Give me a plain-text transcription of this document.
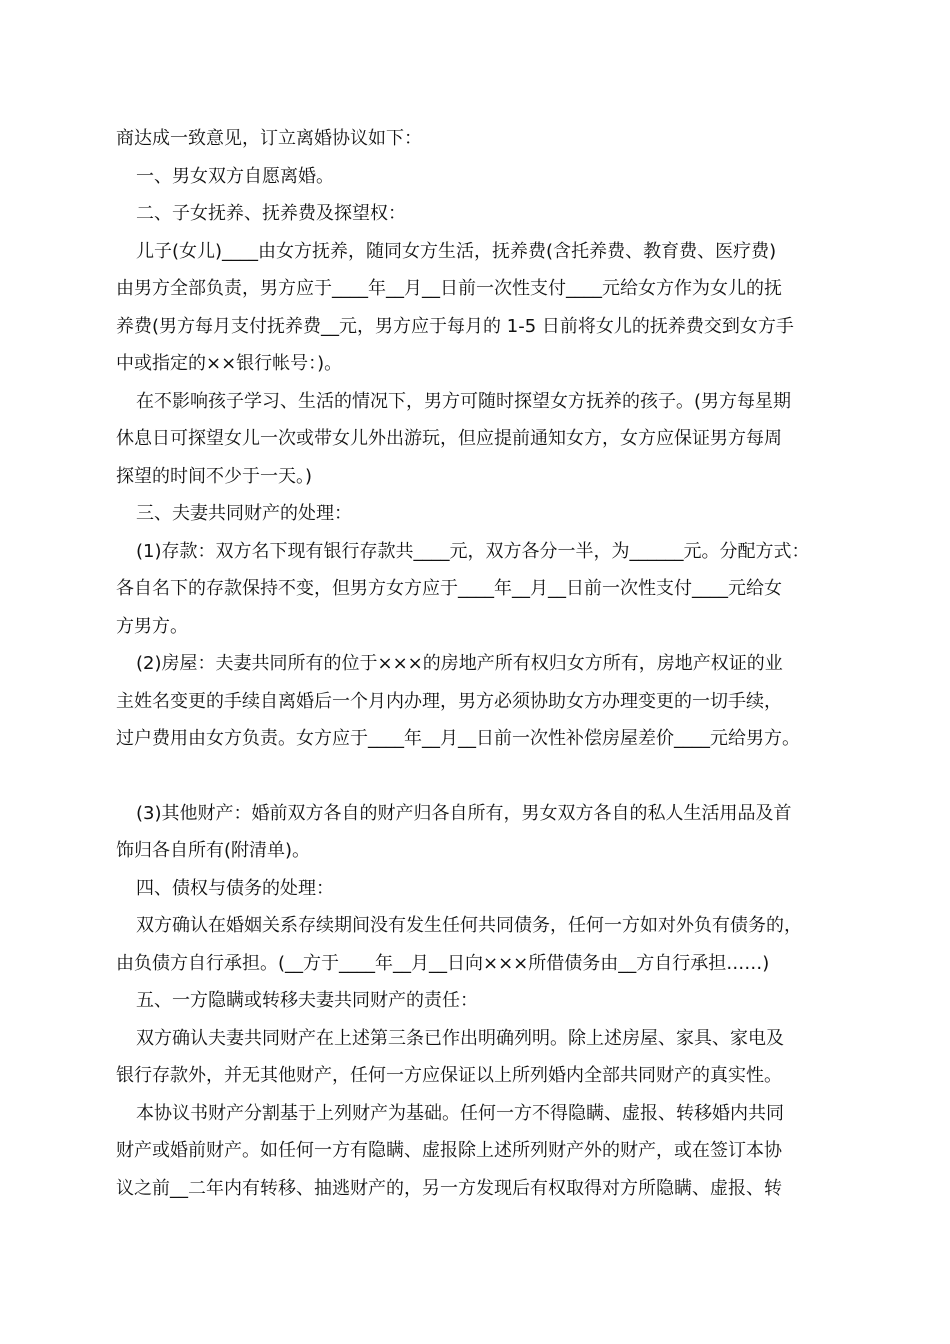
商达成一致意见，订立离婚协议如下：

一、男女双方自愿离婚。

二、子女抚养、抚养费及探望权：

儿子(女儿)____由女方抚养，随同女方生活，抚养费(含托养费、教育费、医疗费)

由男方全部负责，男方应于____年__月__日前一次性支付____元给女方作为女儿的抚

养费(男方每月支付抚养费__元，男方应于每月的 1-5 日前将女儿的抚养费交到女方手

中或指定的××银行帐号：)。

在不影响孩子学习、生活的情况下，男方可随时探望女方抚养的孩子。(男方每星期

休息日可探望女儿一次或带女儿外出游玩，但应提前通知女方，女方应保证男方每周

探望的时间不少于一天。)

三、夫妻共同财产的处理：

(1)存款：双方名下现有银行存款共____元，双方各分一半，为______元。分配方式：

各自名下的存款保持不变，但男方女方应于____年__月__日前一次性支付____元给女

方男方。

(2)房屋：夫妻共同所有的位于×××的房地产所有权归女方所有，房地产权证的业

主姓名变更的手续自离婚后一个月内办理，男方必须协助女方办理变更的一切手续，

过户费用由女方负责。女方应于____年__月__日前一次性补偿房屋差价____元给男方。

(3)其他财产：婚前双方各自的财产归各自所有，男女双方各自的私人生活用品及首

饰归各自所有(附清单)。

四、债权与债务的处理：

双方确认在婚姻关系存续期间没有发生任何共同债务，任何一方如对外负有债务的，

由负债方自行承担。(__方于____年__月__日向×××所借债务由__方自行承担……)

五、一方隐瞒或转移夫妻共同财产的责任：

双方确认夫妻共同财产在上述第三条已作出明确列明。除上述房屋、家具、家电及

银行存款外，并无其他财产，任何一方应保证以上所列婚内全部共同财产的真实性。

本协议书财产分割基于上列财产为基础。任何一方不得隐瞒、虚报、转移婚内共同

财产或婚前财产。如任何一方有隐瞒、虚报除上述所列财产外的财产，或在签订本协

议之前__二年内有转移、抽逃财产的，另一方发现后有权取得对方所隐瞒、虚报、转
